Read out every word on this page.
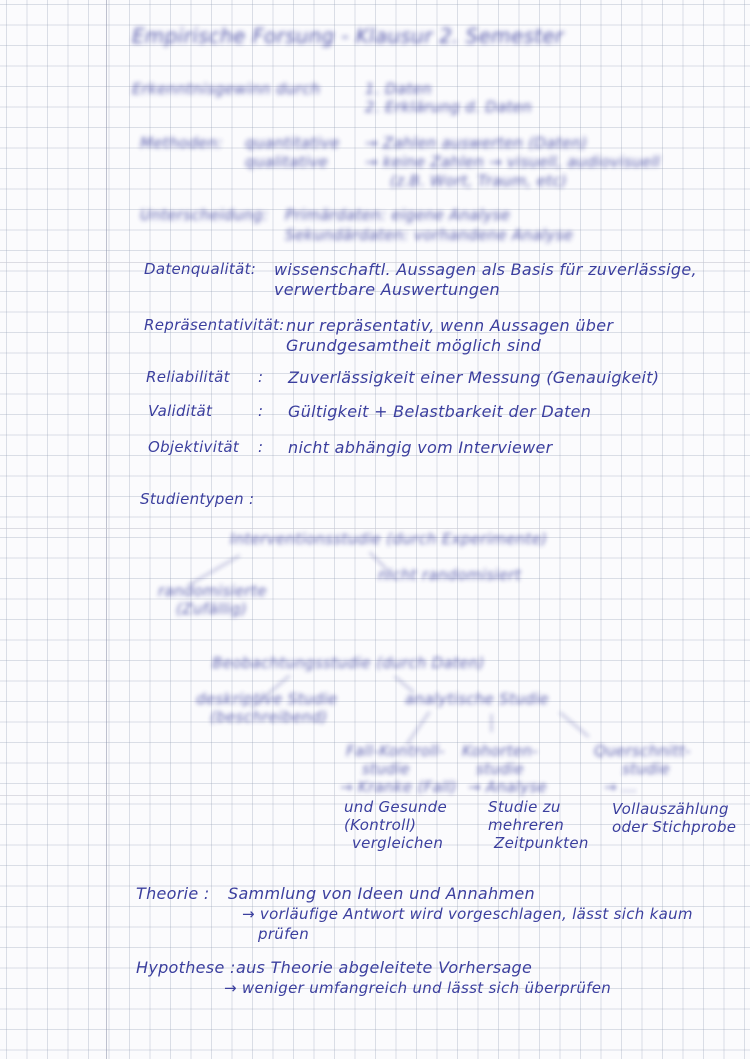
Empirische Forsung - Klausur 2. Semester
Erkenntnisgewinn durch	1. Daten
2. Erklärung d. Daten
Methoden: quantitative
qualitative
→ Zahlen auswerten (Daten)
→ keine Zahlen → visuell, audiovisuell
(z.B. Wort, Traum, etc)
Unterscheidung: Primärdaten: eigene Analyse
Sekundärdaten: vorhandene Analyse
Datenqualität: wissenschaftl. Aussagen als Basis für zuverlässige,
verwertbare Auswertungen
Repräsentativität: nur repräsentativ, wenn Aussagen über
Grundgesamtheit möglich sind
Reliabilität : Zuverlässigkeit einer Messung (Genauigkeit)
Validität	: Gültigkeit + Belastbarkeit der Daten
Objektivität : nicht abhängig vom Interviewer
Studientypen :
Interventionsstudie (durch Experimente)
randomisierte
(Zufällig)
nicht randomisiert
Beobachtungsstudie (durch Daten)
deskriptive Studie
(beschreibend)
analytische Studie
Fall-Kontroll-
studie
→ Kranke (Fall)
Kohorten-
studie
→ Analyse
Querschnitt-
studie
→ ...
und Gesunde
(Kontroll)
vergleichen
Studie zu
mehreren
Zeitpunkten
Vollauszählung
oder Stichprobe
Theorie : Sammlung von Ideen und Annahmen
→ vorläufige Antwort wird vorgeschlagen, lässt sich kaum
prüfen
Hypothese : aus Theorie abgeleitete Vorhersage
→ weniger umfangreich und lässt sich überprüfen
